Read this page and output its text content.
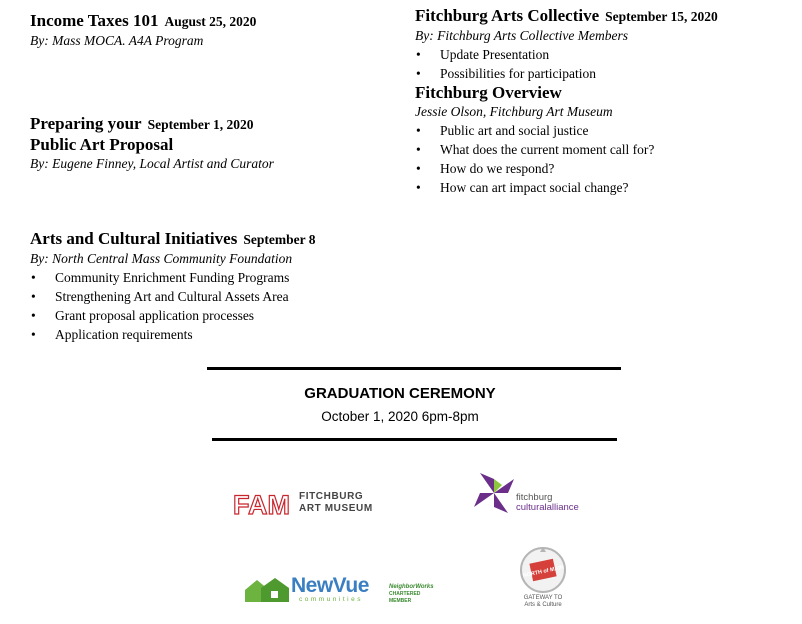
Income Taxes 101 August 25, 2020
By: Mass MOCA. A4A Program
Preparing your September 1, 2020
Public Art Proposal
By: Eugene Finney, Local Artist and Curator
Arts and Cultural Initiatives September 8
By: North Central Mass Community Foundation
• Community Enrichment Funding Programs
• Strengthening Art and Cultural Assets Area
• Grant proposal application processes
• Application requirements
Fitchburg Arts Collective September 15, 2020
By: Fitchburg Arts Collective Members
• Update Presentation
• Possibilities for participation
Fitchburg Overview
Jessie Olson, Fitchburg Art Museum
• Public art and social justice
• What does the current moment call for?
• How do we respond?
• How can art impact social change?
GRADUATION CEREMONY
October 1, 2020 6pm-8pm
FAM FITCHBURG
ART MUSEUM
fitchburg
culturalalliance
NewVue
communities
NeighborWorks
CHARTERED MEMBER
NORTH of MAIN
GATEWAY TO
Arts & Culture
